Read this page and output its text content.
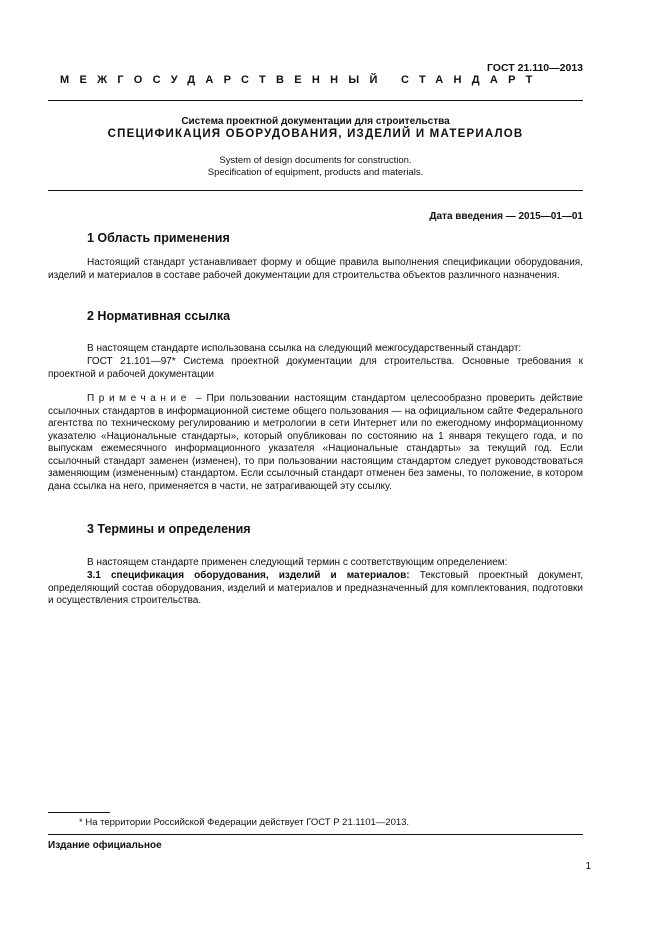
ГОСТ 21.110—2013
МЕЖГОСУДАРСТВЕННЫЙ СТАНДАРТ
Система проектной документации для строительства
СПЕЦИФИКАЦИЯ ОБОРУДОВАНИЯ, ИЗДЕЛИЙ И МАТЕРИАЛОВ
System of design documents for construction.
Specification of equipment, products and materials.
Дата введения — 2015—01—01
1 Область применения
Настоящий стандарт устанавливает форму и общие правила выполнения спецификации оборудования, изделий и материалов в составе рабочей документации для строительства объектов различного назначения.
2 Нормативная ссылка
В настоящем стандарте использована ссылка на следующий межгосударственный стандарт:
ГОСТ 21.101—97* Система проектной документации для строительства. Основные требования к проектной и рабочей документации
Примечание – При пользовании настоящим стандартом целесообразно проверить действие ссылочных стандартов в информационной системе общего пользования — на официальном сайте Федерального агентства по техническому регулированию и метрологии в сети Интернет или по ежегодному информационному указателю «Национальные стандарты», который опубликован по состоянию на 1 января текущего года, и по выпускам ежемесячного информационного указателя «Национальные стандарты» за текущий год. Если ссылочный стандарт заменен (изменен), то при пользовании настоящим стандартом следует руководствоваться заменяющим (измененным) стандартом. Если ссылочный стандарт отменен без замены, то положение, в котором дана ссылка на него, применяется в части, не затрагивающей эту ссылку.
3 Термины и определения
В настоящем стандарте применен следующий термин с соответствующим определением:
3.1 спецификация оборудования, изделий и материалов: Текстовый проектный документ, определяющий состав оборудования, изделий и материалов и предназначенный для комплектования, подготовки и осуществления строительства.
* На территории Российской Федерации действует ГОСТ Р 21.1101—2013.
Издание официальное
1
